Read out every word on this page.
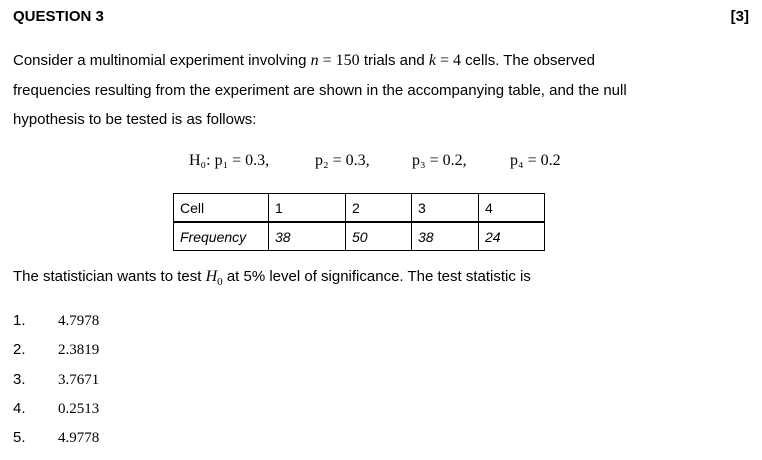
QUESTION 3	[3]
Consider a multinomial experiment involving n = 150 trials and k = 4 cells. The observed
frequencies resulting from the experiment are shown in the accompanying table, and the null
hypothesis to be tested is as follows:
H₀: p₁ = 0.3,	p₂ = 0.3,	p₃ = 0.2,	p₄ = 0.2
Cell	1	2	3	4
Frequency	38	50	38	24
The statistician wants to test $H_0$ at 5% level of significance. The test statistic is
1. 4.7978
2. 2.3819
3. 3.7671
4. 0.2513
5. 4.9778
